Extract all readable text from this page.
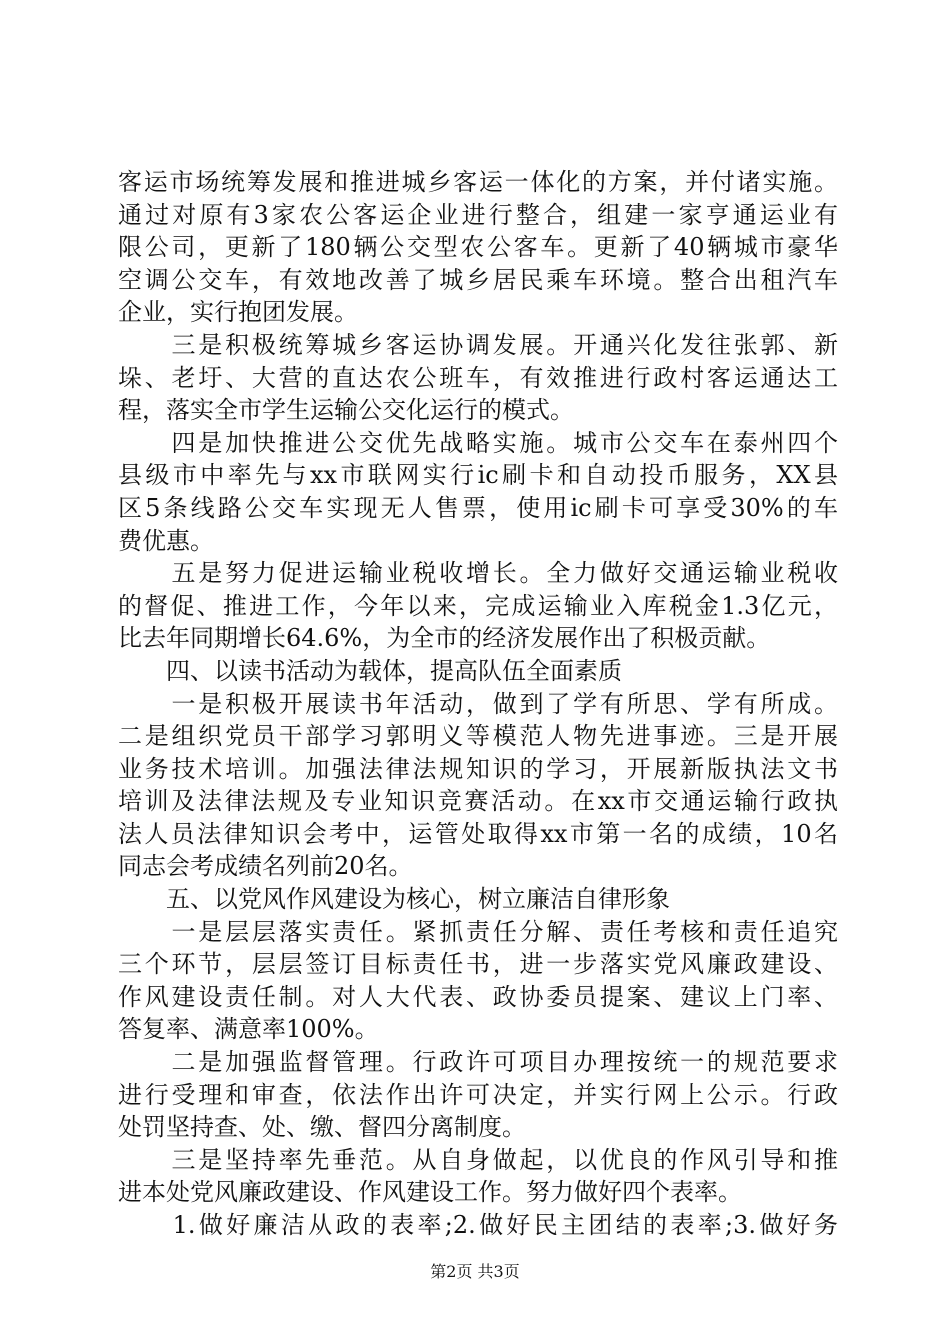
客运市场统筹发展和推进城乡客运一体化的方案，并付诸实施。
通过对原有3家农公客运企业进行整合，组建一家亨通运业有
限公司，更新了180辆公交型农公客车。更新了40辆城市豪华
空调公交车，有效地改善了城乡居民乘车环境。整合出租汽车
企业，实行抱团发展。
　　三是积极统筹城乡客运协调发展。开通兴化发往张郭、新
垛、老圩、大营的直达农公班车，有效推进行政村客运通达工
程，落实全市学生运输公交化运行的模式。
　　四是加快推进公交优先战略实施。城市公交车在泰州四个
县级市中率先与xx市联网实行ic刷卡和自动投币服务，XX县
区5条线路公交车实现无人售票，使用ic刷卡可享受30%的车
费优惠。
　　五是努力促进运输业税收增长。全力做好交通运输业税收
的督促、推进工作，今年以来，完成运输业入库税金1.3亿元，
比去年同期增长64.6%，为全市的经济发展作出了积极贡献。
　　四、以读书活动为载体，提高队伍全面素质
　　一是积极开展读书年活动，做到了学有所思、学有所成。
二是组织党员干部学习郭明义等模范人物先进事迹。三是开展
业务技术培训。加强法律法规知识的学习，开展新版执法文书
培训及法律法规及专业知识竞赛活动。在xx市交通运输行政执
法人员法律知识会考中，运管处取得xx市第一名的成绩，10名
同志会考成绩名列前20名。
　　五、以党风作风建设为核心，树立廉洁自律形象
　　一是层层落实责任。紧抓责任分解、责任考核和责任追究
三个环节，层层签订目标责任书，进一步落实党风廉政建设、
作风建设责任制。对人大代表、政协委员提案、建议上门率、
答复率、满意率100%。
　　二是加强监督管理。行政许可项目办理按统一的规范要求
进行受理和审查，依法作出许可决定，并实行网上公示。行政
处罚坚持查、处、缴、督四分离制度。
　　三是坚持率先垂范。从自身做起，以优良的作风引导和推
进本处党风廉政建设、作风建设工作。努力做好四个表率。
　　1.做好廉洁从政的表率;2.做好民主团结的表率;3.做好务
第2页 共3页
